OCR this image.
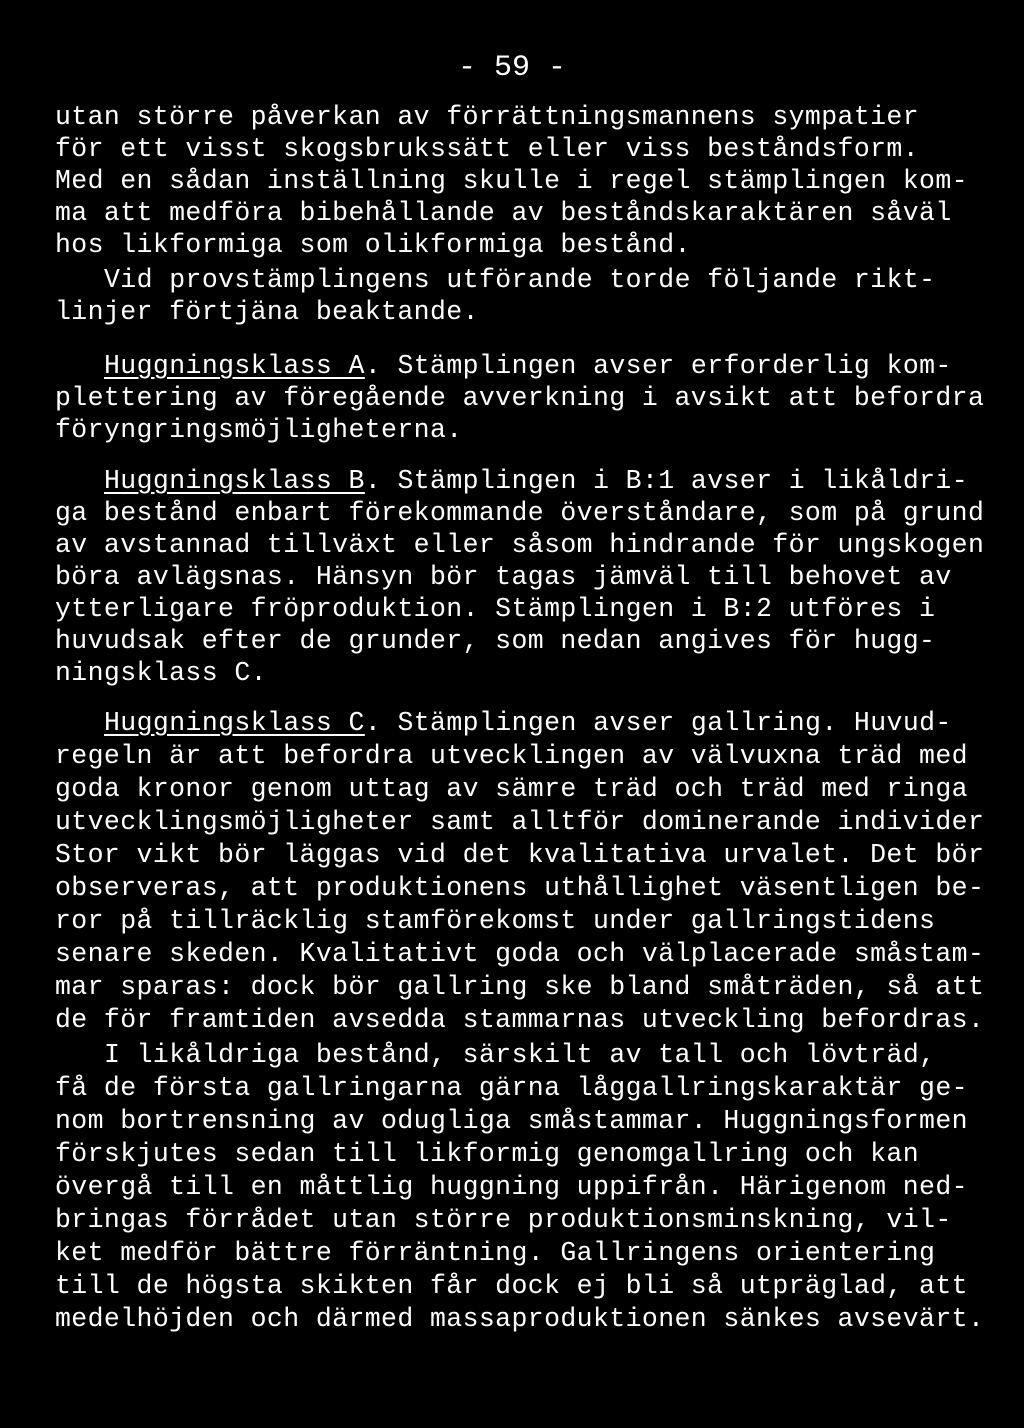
- 59 -
utan större påverkan av förrättningsmannens sympatier
för ett visst skogsbrukssätt eller viss beståndsform.
Med en sådan inställning skulle i regel stämplingen kom-
ma att medföra bibehållande av beståndskaraktären såväl
hos likformiga som olikformiga bestånd.
Vid provstämplingens utförande torde följande rikt-
linjer förtjäna beaktande.
Huggningsklass A. Stämplingen avser erforderlig kom-
plettering av föregående avverkning i avsikt att befordra
föryngringsmöjligheterna.
Huggningsklass B. Stämplingen i B:1 avser i likåldri-
ga bestånd enbart förekommande överståndare, som på grund
av avstannad tillväxt eller såsom hindrande för ungskogen
böra avlägsnas. Hänsyn bör tagas jämväl till behovet av
ytterligare fröproduktion. Stämplingen i B:2 utföres i
huvudsak efter de grunder, som nedan angives för hugg-
ningsklass C.
Huggningsklass C. Stämplingen avser gallring. Huvud-
regeln är att befordra utvecklingen av välvuxna träd med
goda kronor genom uttag av sämre träd och träd med ringa
utvecklingsmöjligheter samt alltför dominerande individer
Stor vikt bör läggas vid det kvalitativa urvalet. Det bör
observeras, att produktionens uthållighet väsentligen be-
ror på tillräcklig stamförekomst under gallringstidens
senare skeden. Kvalitativt goda och välplacerade småstam-
mar sparas: dock bör gallring ske bland småträden, så att
de för framtiden avsedda stammarnas utveckling befordras.
I likåldriga bestånd, särskilt av tall och lövträd,
få de första gallringarna gärna låggallringskaraktär ge-
nom bortrensning av odugliga småstammar. Huggningsformen
förskjutes sedan till likformig genomgallring och kan
övergå till en måttlig huggning uppifrån. Härigenom ned-
bringas förrådet utan större produktionsminskning, vil-
ket medför bättre förräntning. Gallringens orientering
till de högsta skikten får dock ej bli så utpräglad, att
medelhöjden och därmed massaproduktionen sänkes avsevärt.
